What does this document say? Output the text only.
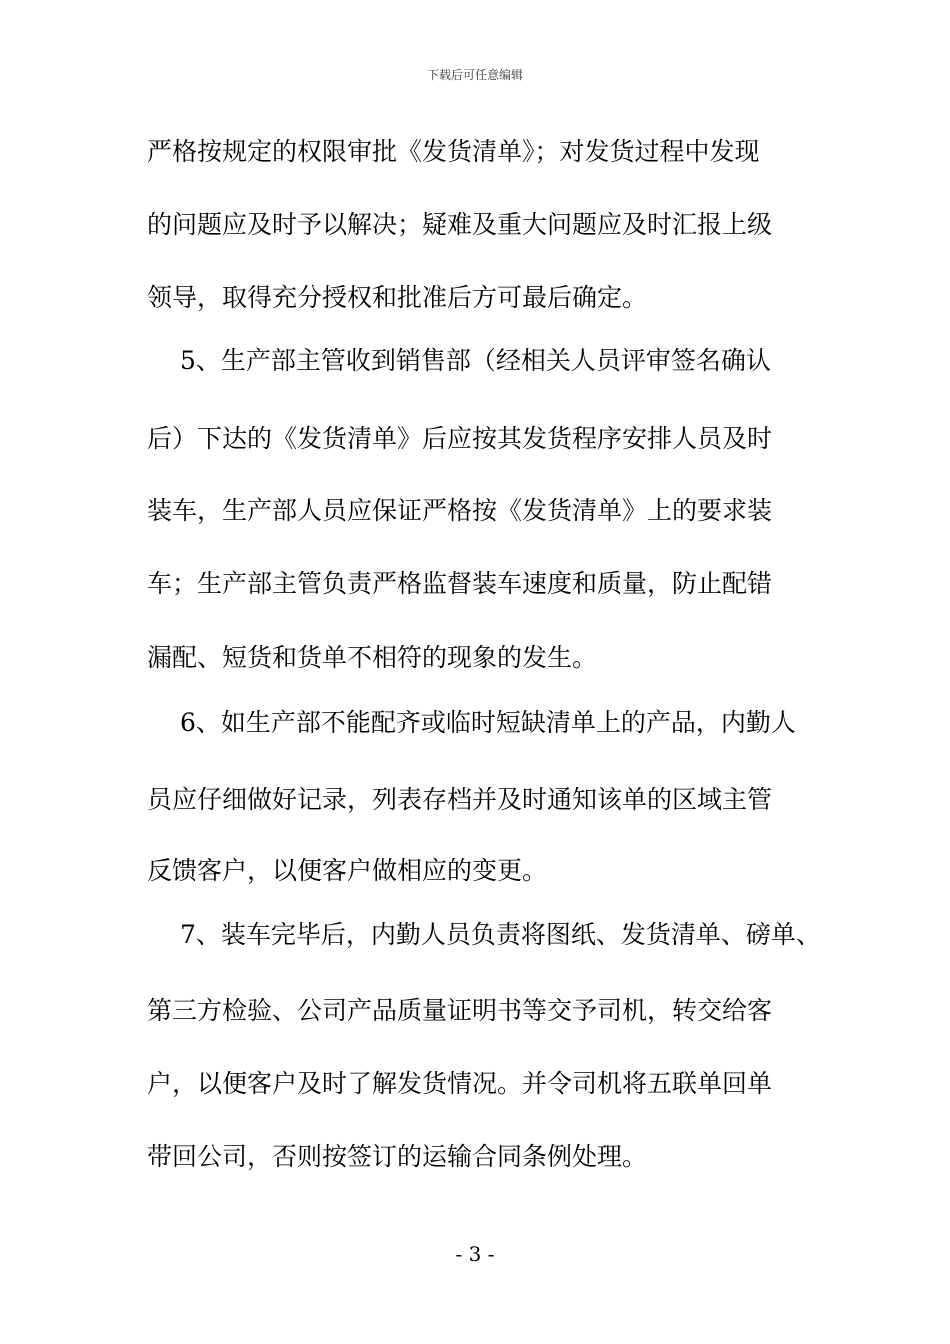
下载后可任意编辑
严格按规定的权限审批《发货清单》；对发货过程中发现
的问题应及时予以解决；疑难及重大问题应及时汇报上级
领导，取得充分授权和批准后方可最后确定。
5、生产部主管收到销售部（经相关人员评审签名确认
后）下达的《发货清单》后应按其发货程序安排人员及时
装车，生产部人员应保证严格按《发货清单》上的要求装
车；生产部主管负责严格监督装车速度和质量，防止配错
漏配、短货和货单不相符的现象的发生。
6、如生产部不能配齐或临时短缺清单上的产品，内勤人
员应仔细做好记录，列表存档并及时通知该单的区域主管
反馈客户，以便客户做相应的变更。
7、装车完毕后，内勤人员负责将图纸、发货清单、磅单、
第三方检验、公司产品质量证明书等交予司机，转交给客
户，以便客户及时了解发货情况。并令司机将五联单回单
带回公司，否则按签订的运输合同条例处理。
- 3 -
